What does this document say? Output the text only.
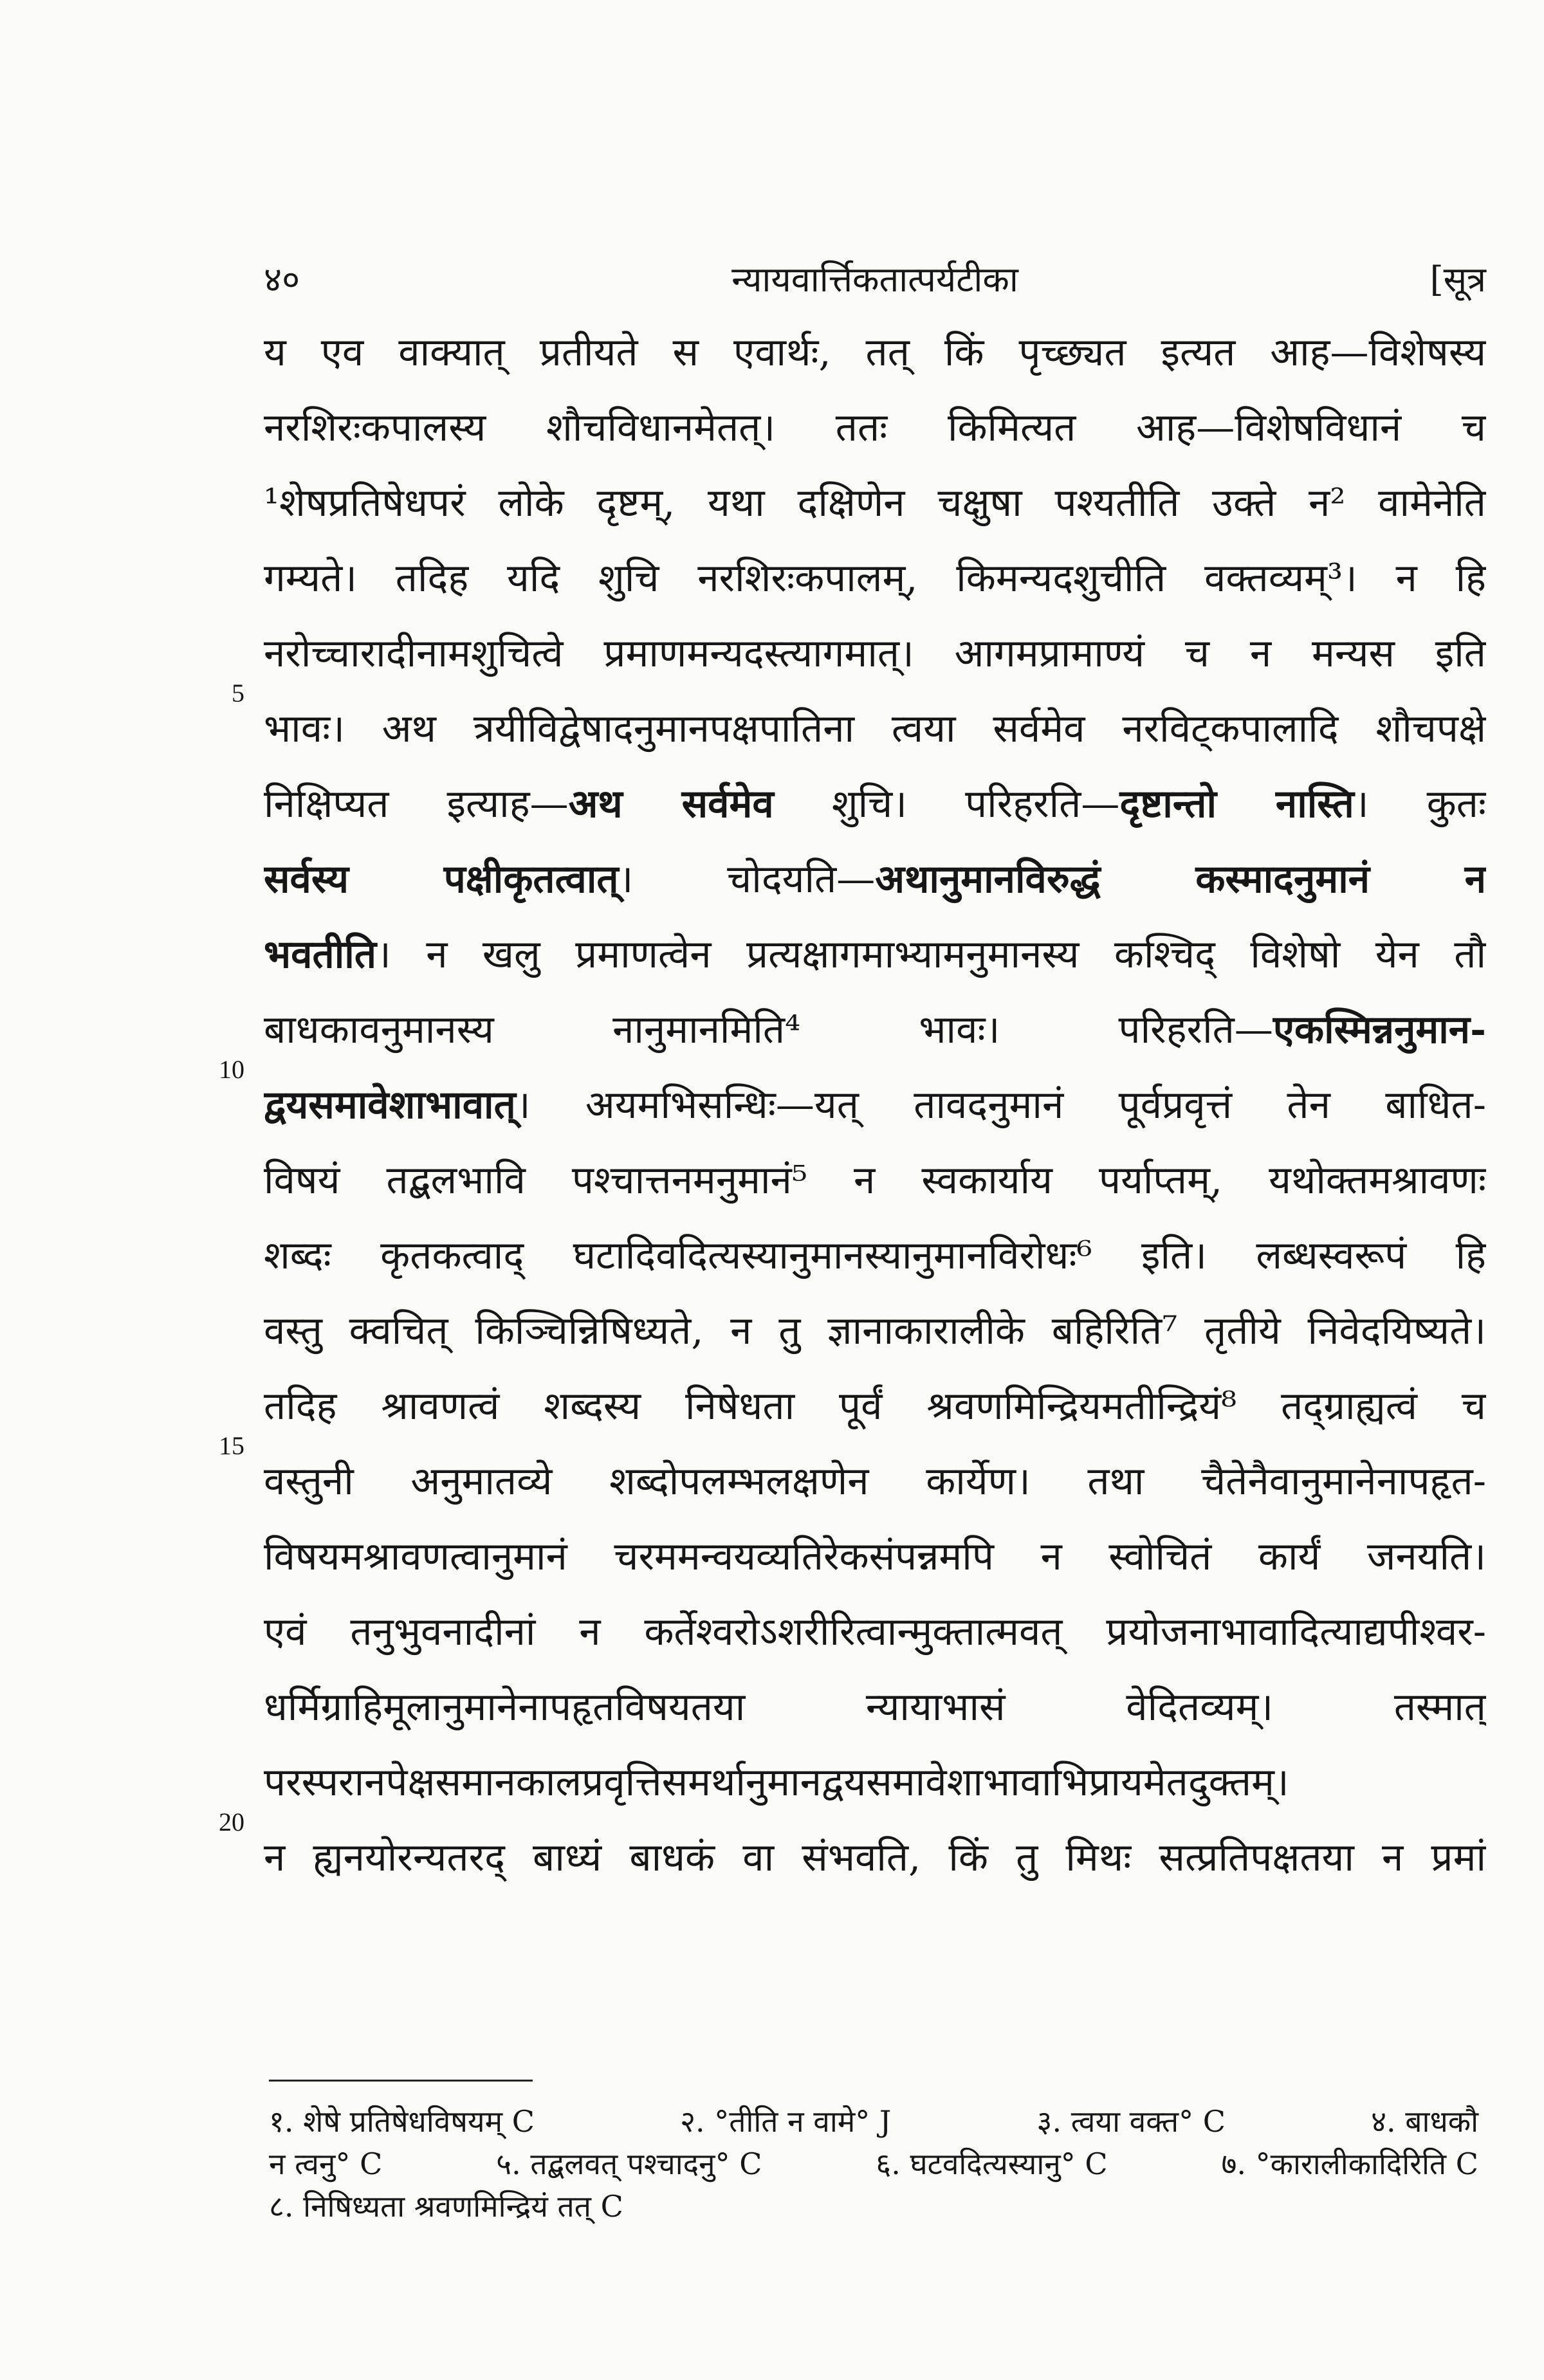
४०	न्यायवार्त्तिकतात्पर्यटीका	[सूत्र
5
10
15
20
य एव वाक्यात् प्रतीयते स एवार्थः, तत् किं पृच्छ्यत इत्यत आह—विशेषस्य
नरशिरःकपालस्य शौचविधानमेतत्। ततः किमित्यत आह—विशेषविधानं च
¹शेषप्रतिषेधपरं लोके दृष्टम्, यथा दक्षिणेन चक्षुषा पश्यतीति उक्ते न² वामेनेति
गम्यते। तदिह यदि शुचि नरशिरःकपालम्, किमन्यदशुचीति वक्तव्यम्³। न हि
नरोच्चारादीनामशुचित्वे प्रमाणमन्यदस्त्यागमात्। आगमप्रामाण्यं च न मन्यस इति
भावः। अथ त्रयीविद्वेषादनुमानपक्षपातिना त्वया सर्वमेव नरविट्कपालादि शौचपक्षे
निक्षिप्यत इत्याह—अथ सर्वमेव शुचि। परिहरति—दृष्टान्तो नास्ति। कुतः
सर्वस्य पक्षीकृतत्वात्। चोदयति—अथानुमानविरुद्धं कस्मादनुमानं न
भवतीति। न खलु प्रमाणत्वेन प्रत्यक्षागमाभ्यामनुमानस्य कश्चिद् विशेषो येन तौ
बाधकावनुमानस्य नानुमानमिति⁴ भावः। परिहरति—एकस्मिन्ननुमान-
द्वयसमावेशाभावात्। अयमभिसन्धिः—यत् तावदनुमानं पूर्वप्रवृत्तं तेन बाधित-
विषयं तद्बलभावि पश्चात्तनमनुमानं⁵ न स्वकार्याय पर्याप्तम्, यथोक्तमश्रावणः
शब्दः कृतकत्वाद् घटादिवदित्यस्यानुमानस्यानुमानविरोधः⁶ इति। लब्धस्वरूपं हि
वस्तु क्वचित् किञ्चिन्निषिध्यते, न तु ज्ञानाकारालीके बहिरिति⁷ तृतीये निवेदयिष्यते।
तदिह श्रावणत्वं शब्दस्य निषेधता पूर्वं श्रवणमिन्द्रियमतीन्द्रियं⁸ तद्ग्राह्यत्वं च
वस्तुनी अनुमातव्ये शब्दोपलम्भलक्षणेन कार्येण। तथा चैतेनैवानुमानेनापहृत-
विषयमश्रावणत्वानुमानं चरममन्वयव्यतिरेकसंपन्नमपि न स्वोचितं कार्यं जनयति।
एवं तनुभुवनादीनां न कर्तेश्वरोऽशरीरित्वान्मुक्तात्मवत् प्रयोजनाभावादित्याद्यपीश्वर-
धर्मिग्राहिमूलानुमानेनापहृतविषयतया न्यायाभासं वेदितव्यम्। तस्मात्
परस्परानपेक्षसमानकालप्रवृत्तिसमर्थानुमानद्वयसमावेशाभावाभिप्रायमेतदुक्तम्।
न ह्यनयोरन्यतरद् बाध्यं बाधकं वा संभवति, किं तु मिथः सत्प्रतिपक्षतया न प्रमां
१. शेषे प्रतिषेधविषयम् C	२. °तीति न वामे° J	३. त्वया वक्त° C	४. बाधकौ
न त्वनु° C	५. तद्बलवत् पश्चादनु° C	६. घटवदित्यस्यानु° C	७. °कारालीकादिरिति C
८. निषिध्यता श्रवणमिन्द्रियं तत् C
